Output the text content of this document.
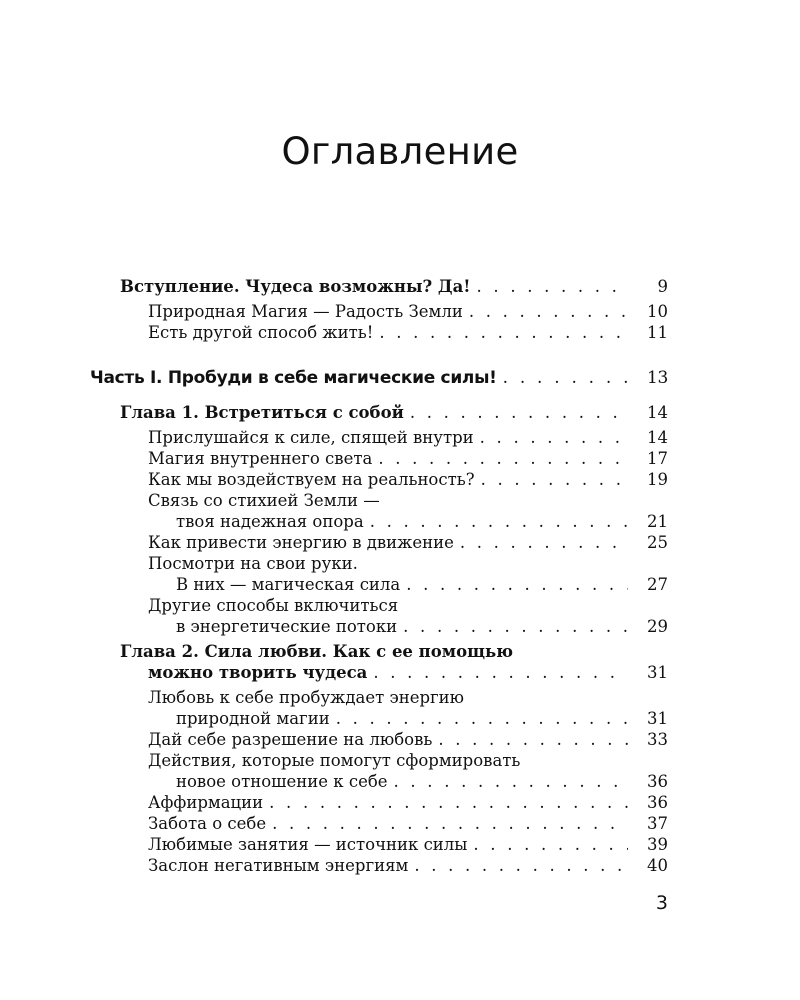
Оглавление
Вступление. Чудеса возможны? Да! . . .	9
Природная Магия — Радость Земли . . .	10
Есть другой способ жить! . . .	11
Часть I. Пробуди в себе магические силы! . . .	13
Глава 1. Встретиться с собой . . .	14
Прислушайся к силе, спящей внутри . . .	14
Магия внутреннего света . . .	17
Как мы воздействуем на реальность? . . .	19
Связь со стихией Земли —
твоя надежная опора . . .	21
Как привести энергию в движение . . .	25
Посмотри на свои руки.
В них — магическая сила . . .	27
Другие способы включиться
в энергетические потоки . . .	29
Глава 2. Сила любви. Как с ее помощью
можно творить чудеса . . .	31
Любовь к себе пробуждает энергию
природной магии . . .	31
Дай себе разрешение на любовь . . .	33
Действия, которые помогут сформировать
новое отношение к себе . . .	36
Аффирмации . . .	36
Забота о себе . . .	37
Любимые занятия — источник силы . . .	39
Заслон негативным энергиям . . .	40
3
